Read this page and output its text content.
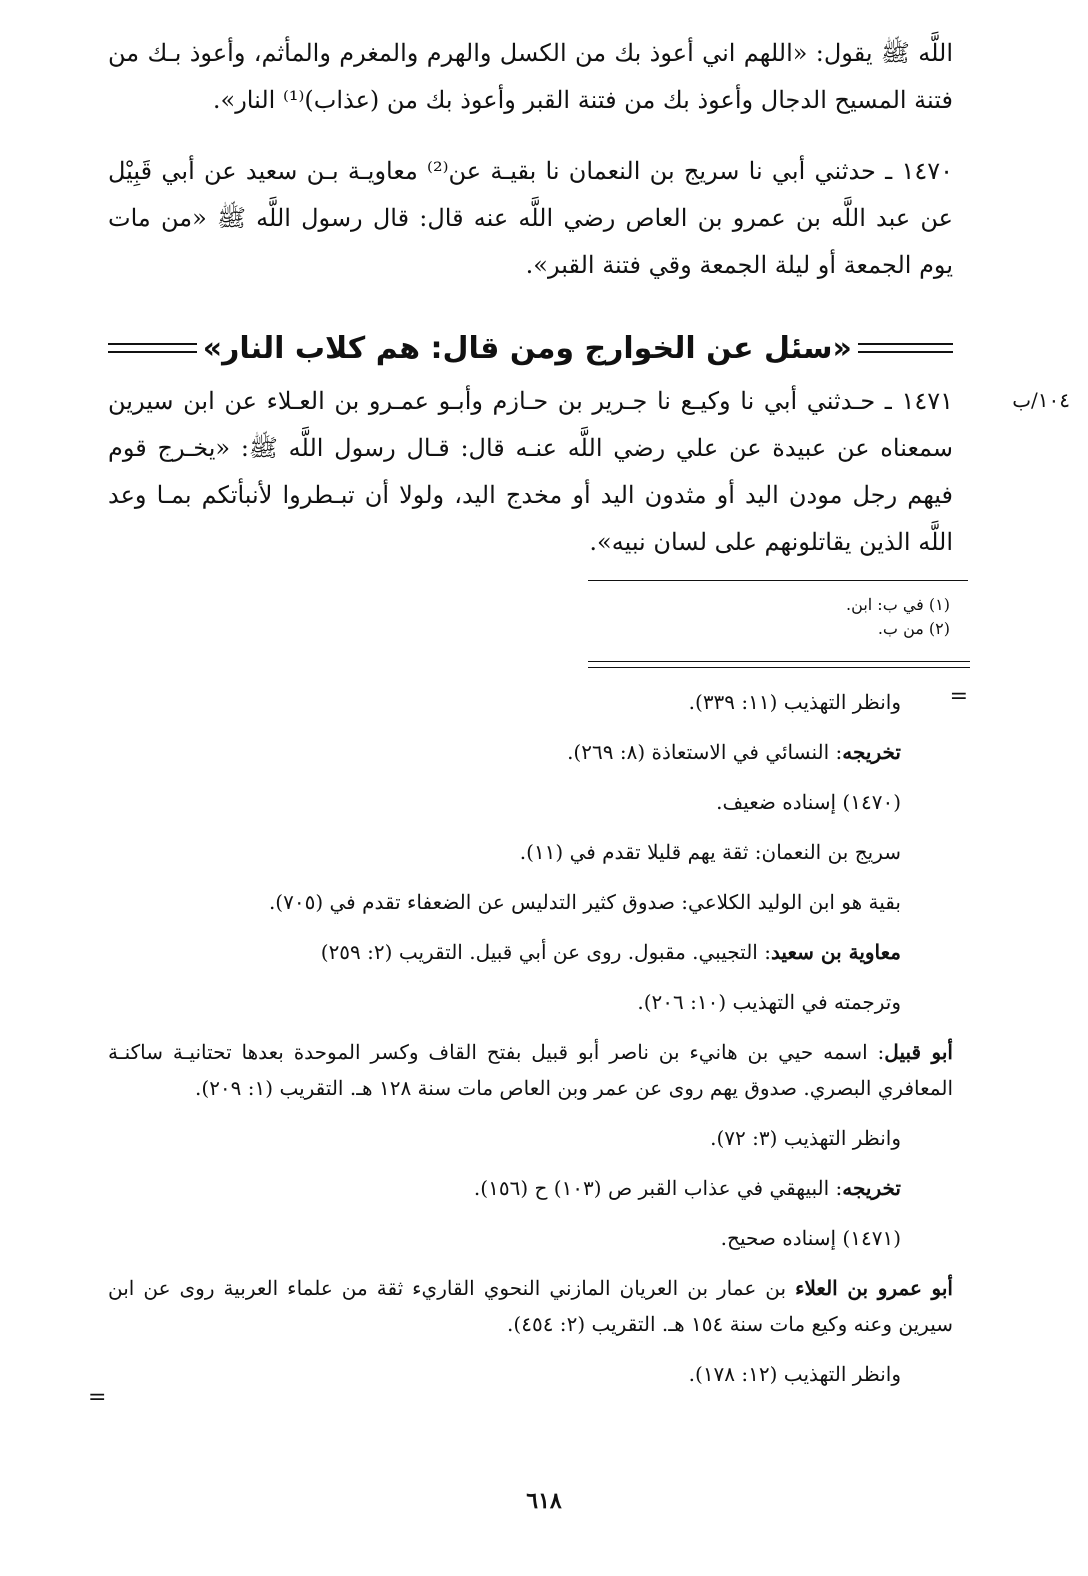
اللَّه ﷺ يقول: «اللهم اني أعوذ بك من الكسل والهرم والمغرم والمأثم، وأعوذ بـك من فتنة المسيح الدجال وأعوذ بك من فتنة القبر وأعوذ بك من (عذاب)⁽¹⁾ النار».

١٤٧٠ ـ حدثني أبي نا سريج بن النعمان نا بقيـة عن⁽²⁾ معاويـة بـن سعيد عن أبي قَبِيْل عن عبد اللَّه بن عمرو بن العاص رضي اللَّه عنه قال: قال رسول اللَّه ﷺ «من مات يوم الجمعة أو ليلة الجمعة وقي فتنة القبر».

«سئل عن الخوارج ومن قال: هم كلاب النار»
١٠٤/ب

١٤٧١ ـ حـدثني أبي نا وكيـع نا جـرير بن حـازم وأبـو عمـرو بن العـلاء عن ابن سيرين سمعناه عن عبيدة عن علي رضي اللَّه عنـه قال: قـال رسول اللَّه ﷺ: «يخـرج قوم فيهم رجل مودن اليد أو مثدون اليد أو مخدج اليد، ولولا أن تبـطروا لأنبأتكم بمـا وعد اللَّه الذين يقاتلونهم على لسان نبيه».

(١) في ب: ابن.
(٢) من ب.
=
وانظر التهذيب (١١: ٣٣٩).
تخريجه: النسائي في الاستعاذة (٨: ٢٦٩).
(١٤٧٠) إسناده ضعيف.
سريج بن النعمان: ثقة يهم قليلا تقدم في (١١).
بقية هو ابن الوليد الكلاعي: صدوق كثير التدليس عن الضعفاء تقدم في (٧٠٥).
معاوية بن سعيد: التجيبي. مقبول. روى عن أبي قبيل. التقريب (٢: ٢٥٩)
وترجمته في التهذيب (١٠: ٢٠٦).
أبو قبيل: اسمه حيي بن هانيء بن ناصر أبو قبيل بفتح القاف وكسر الموحدة بعدها تحتانيـة ساكنـة المعافري البصري. صدوق يهم روى عن عمر وبن العاص مات سنة ١٢٨ هـ. التقريب (١: ٢٠٩).
وانظر التهذيب (٣: ٧٢).
تخريجه: البيهقي في عذاب القبر ص (١٠٣) ح (١٥٦).
(١٤٧١) إسناده صحيح.
أبو عمرو بن العلاء بن عمار بن العريان المازني النحوي القاريء ثقة من علماء العربية روى عن ابن سيرين وعنه وكيع مات سنة ١٥٤ هـ. التقريب (٢: ٤٥٤).
وانظر التهذيب (١٢: ١٧٨).
=
٦١٨
